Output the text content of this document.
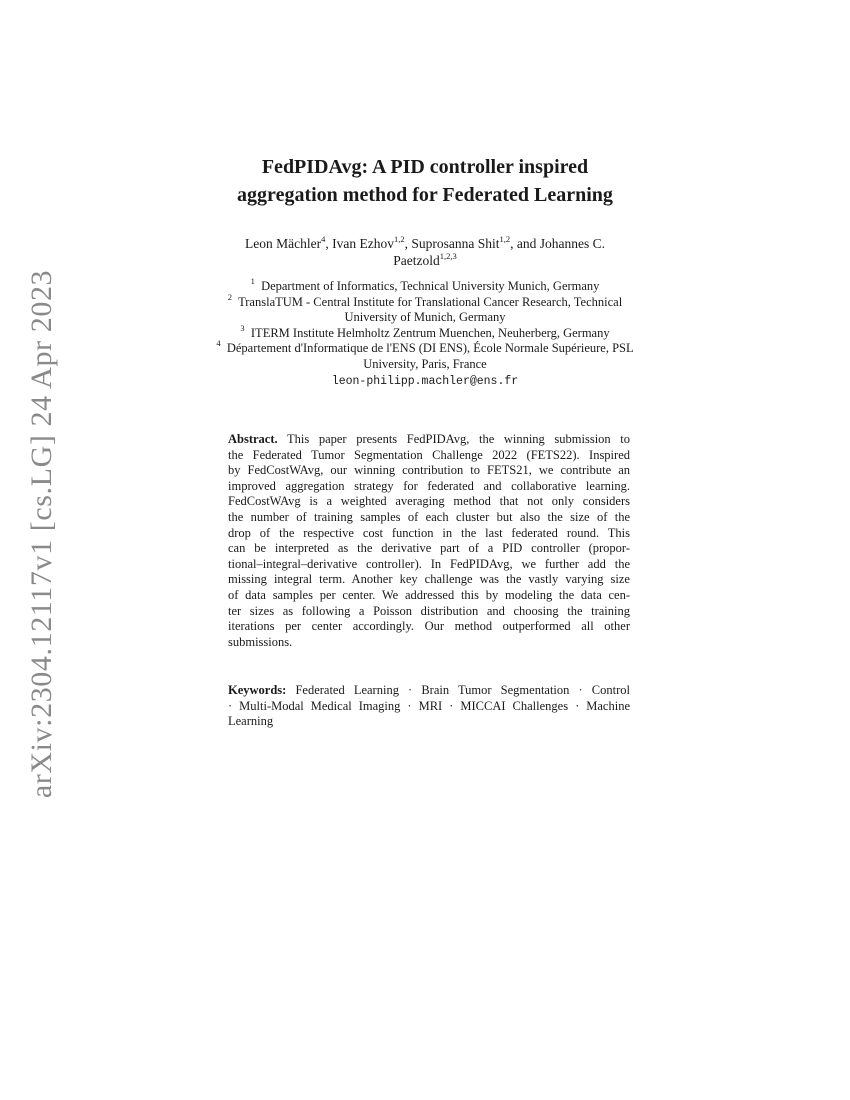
arXiv:2304.12117v1 [cs.LG] 24 Apr 2023
FedPIDAvg: A PID controller inspired
aggregation method for Federated Learning
Leon Mächler$^4$, Ivan Ezhov$^{1,2}$, Suprosanna Shit$^{1,2}$, and Johannes C.
Paetzold$^{1,2,3}$
$^1$ Department of Informatics, Technical University Munich, Germany
$^2$ TranslaTUM - Central Institute for Translational Cancer Research, Technical
University of Munich, Germany
$^3$ ITERM Institute Helmholtz Zentrum Muenchen, Neuherberg, Germany
$^4$ Département d'Informatique de l'ENS (DI ENS), École Normale Supérieure, PSL
University, Paris, France
leon-philipp.machler@ens.fr
Abstract. This paper presents FedPIDAvg, the winning submission to
the Federated Tumor Segmentation Challenge 2022 (FETS22). Inspired
by FedCostWAvg, our winning contribution to FETS21, we contribute an
improved aggregation strategy for federated and collaborative learning.
FedCostWAvg is a weighted averaging method that not only considers
the number of training samples of each cluster but also the size of the
drop of the respective cost function in the last federated round. This
can be interpreted as the derivative part of a PID controller (propor-
tional–integral–derivative controller). In FedPIDAvg, we further add the
missing integral term. Another key challenge was the vastly varying size
of data samples per center. We addressed this by modeling the data cen-
ter sizes as following a Poisson distribution and choosing the training
iterations per center accordingly. Our method outperformed all other
submissions.
Keywords: Federated Learning · Brain Tumor Segmentation · Control
· Multi-Modal Medical Imaging · MRI · MICCAI Challenges · Machine
Learning
